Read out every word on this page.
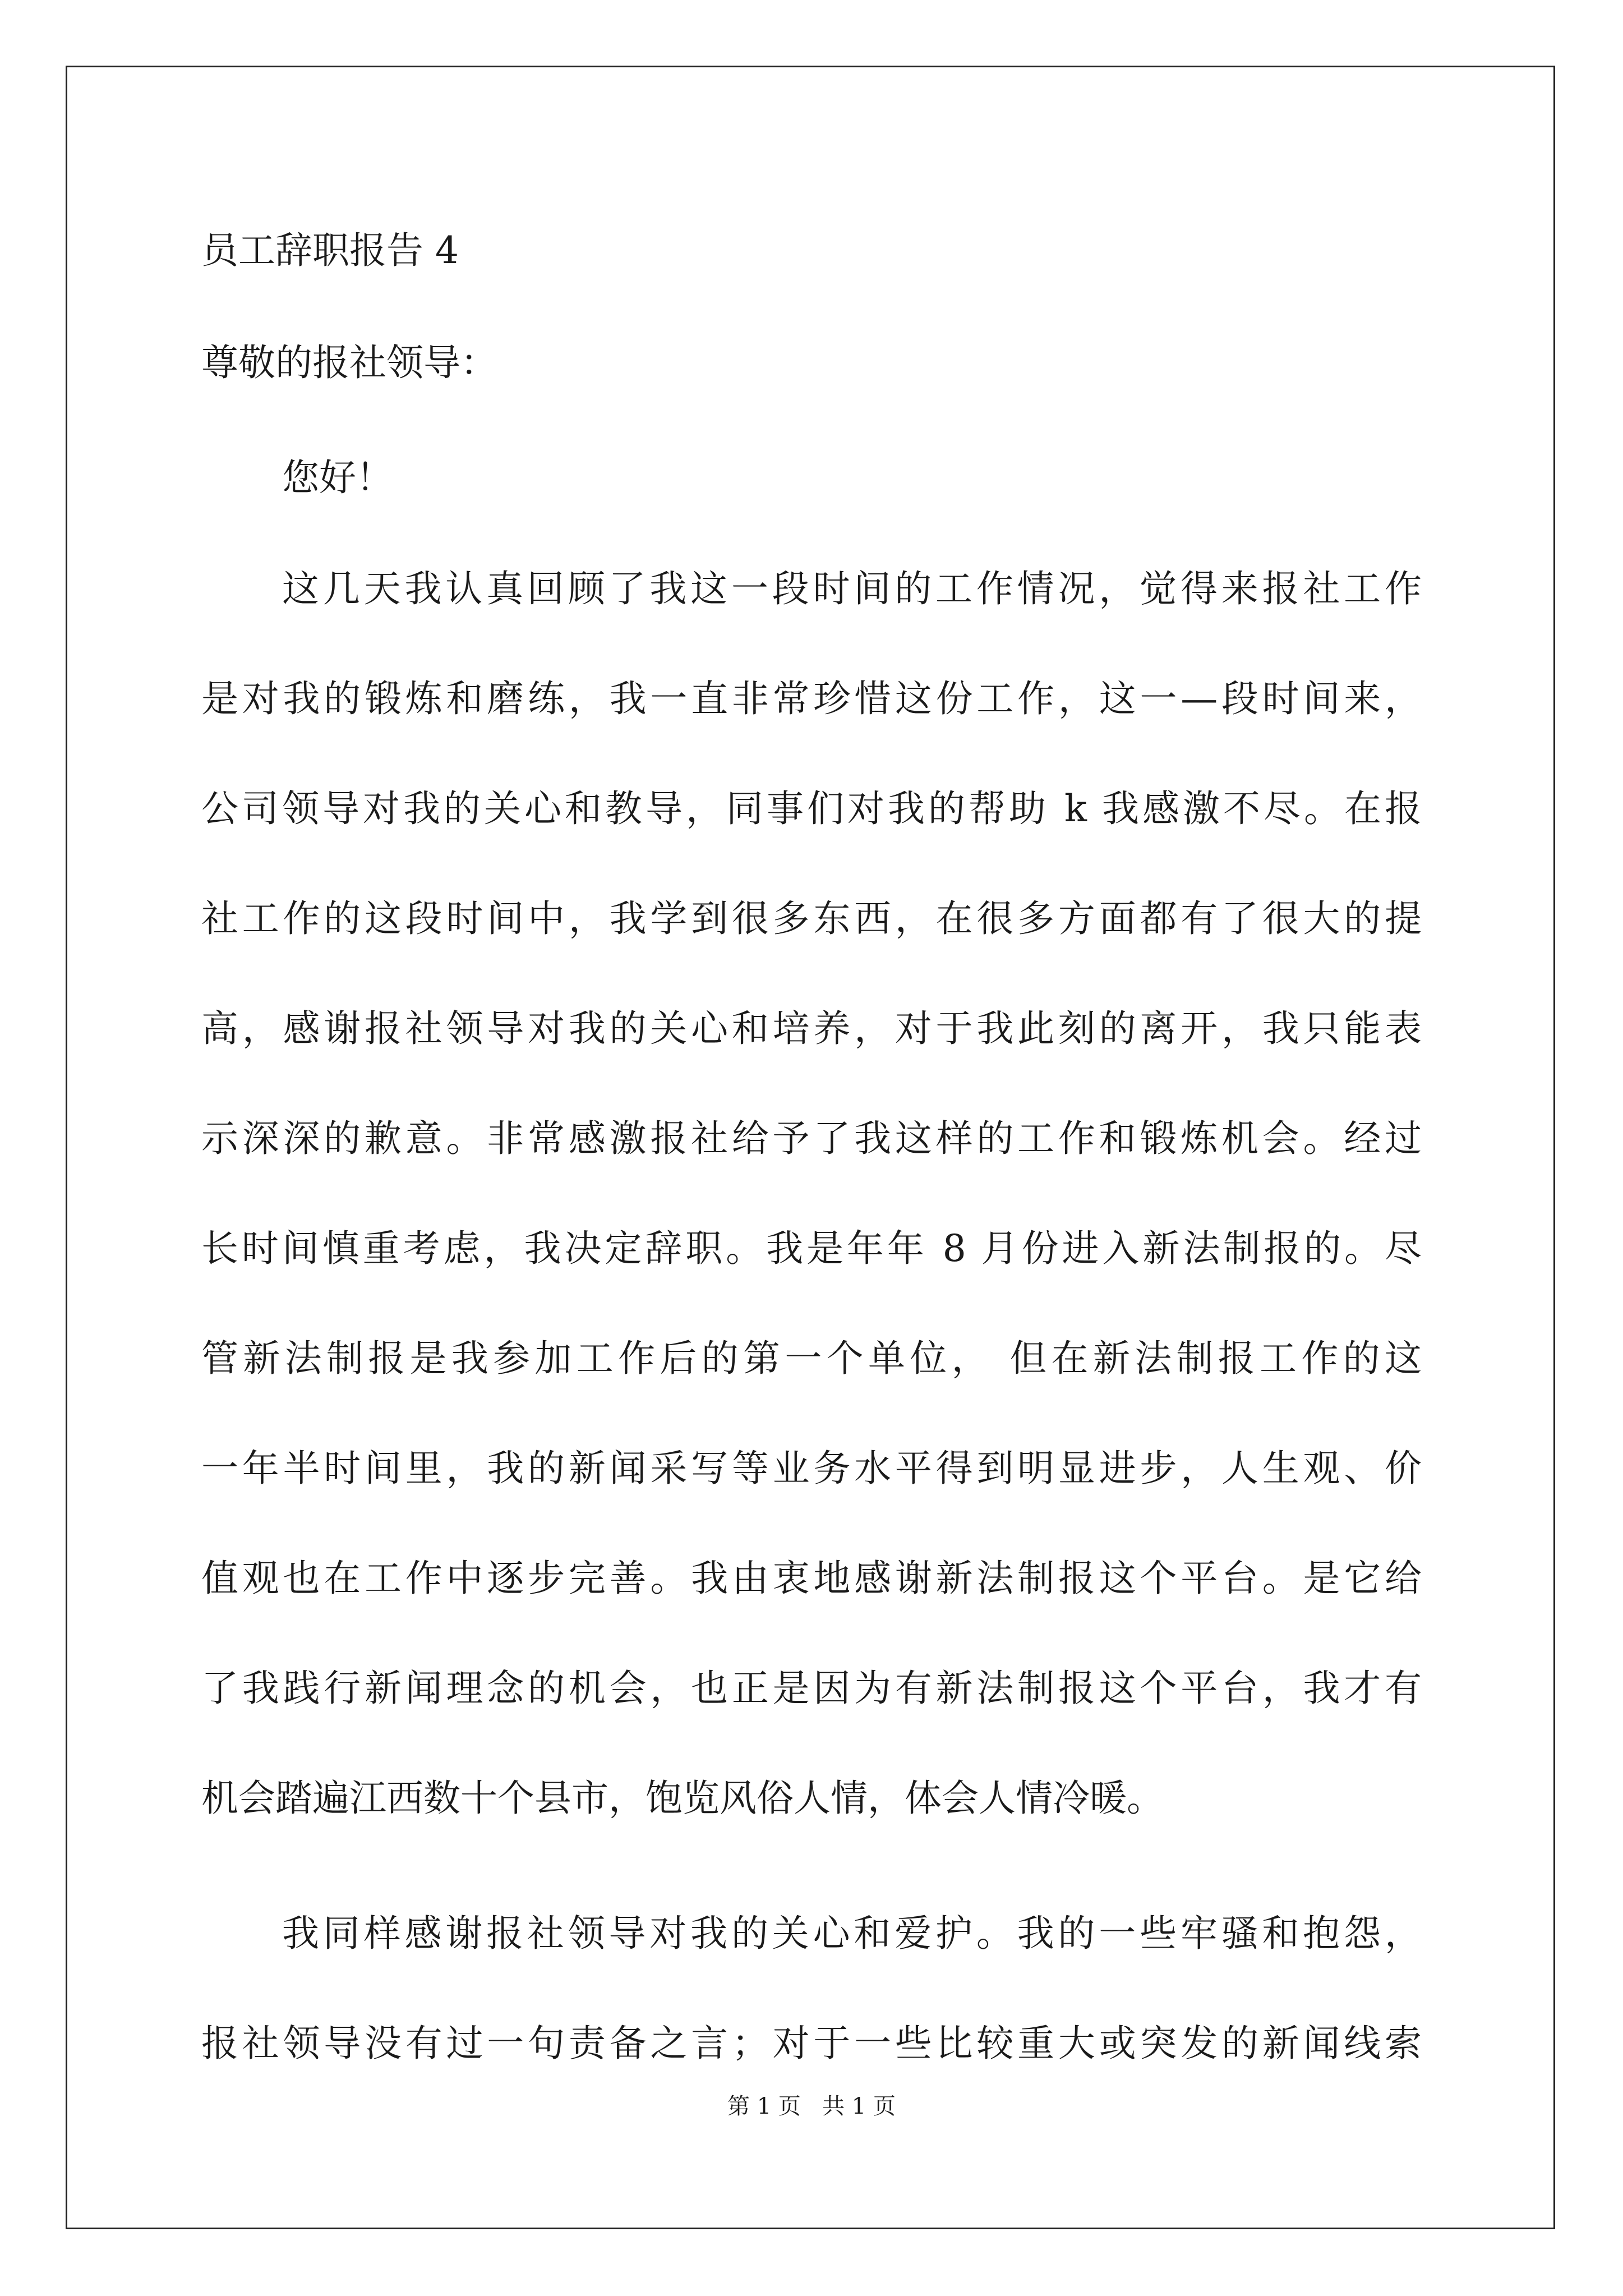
员工辞职报告 4

尊敬的报社领导：

您好！

这几天我认真回顾了我这一段时间的工作情况，觉得来报社工作
是对我的锻炼和磨练，我一直非常珍惜这份工作，这一—段时间来，
公司领导对我的关心和教导，同事们对我的帮助 k 我感激不尽。在报
社工作的这段时间中，我学到很多东西，在很多方面都有了很大的提
高，感谢报社领导对我的关心和培养，对于我此刻的离开，我只能表
示深深的歉意。非常感激报社给予了我这样的工作和锻炼机会。经过
长时间慎重考虑，我决定辞职。我是年年 8 月份进入新法制报的。尽
管新法制报是我参加工作后的第一个单位， 但在新法制报工作的这
一年半时间里，我的新闻采写等业务水平得到明显进步，人生观、价
值观也在工作中逐步完善。我由衷地感谢新法制报这个平台。是它给
了我践行新闻理念的机会，也正是因为有新法制报这个平台，我才有
机会踏遍江西数十个县市，饱览风俗人情，体会人情冷暖。

我同样感谢报社领导对我的关心和爱护。我的一些牢骚和抱怨，
报社领导没有过一句责备之言；对于一些比较重大或突发的新闻线索

第 1 页   共 1 页
